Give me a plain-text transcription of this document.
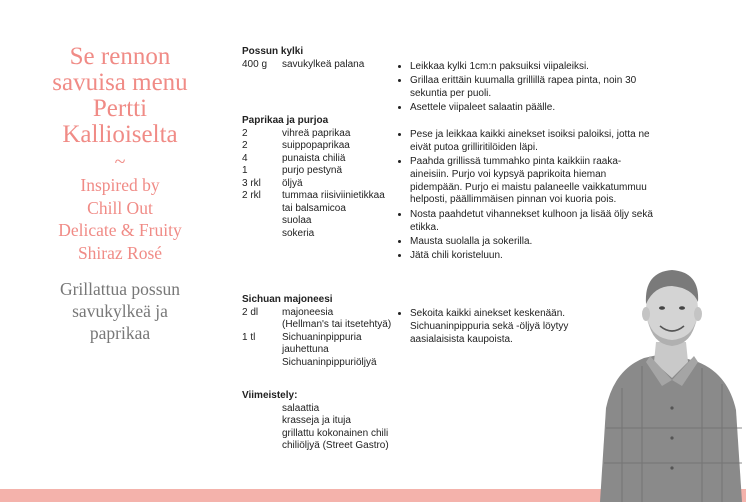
Se rennon
savuisa menu
Pertti
Kallioiselta
~
Inspired by
Chill Out
Delicate & Fruity
Shiraz Rosé
Grillattua possun
savukylkeä ja
paprikaa
Possun kylki
400 g	savukylkeä palana
•	Leikkaa kylki 1cm:n paksuiksi viipaleiksi.
• Grillaa erittäin kuumalla grillillä rapea pinta, noin 30 sekuntia per puoli.
• Asettele viipaleet salaatin päälle.
Paprikaa ja purjoa
2	vihreä paprikaa
2	suippopaprikaa
4	punaista chiliä
1	purjo pestynä
3 rkl	öljyä
2 rkl	tummaa riisiviinietikkaa
tai balsamicoa
suolaa
sokeria
• Pese ja leikkaa kaikki ainekset isoiksi paloiksi, jotta ne eivät putoa grilliritilöiden läpi.
• Paahda grillissä tummahko pinta kaikkiin raaka-aineisiin. Purjo voi kypsyä paprikoita hieman pidempään. Purjo ei maistu palaneelle vaikkatummuu helposti, päällimmäisen pinnan voi kuoria pois.
• Nosta paahdetut vihannekset kulhoon ja lisää öljy sekä etikka.
• Mausta suolalla ja sokerilla.
• Jätä chili koristeluun.
Sichuan majoneesi
2 dl	majoneesia
(Hellman's tai itsetehtyä)
1 tl	Sichuaninpippuria
jauhettuna
Sichuaninpippuriöljyä
• Sekoita kaikki ainekset keskenään. Sichuaninpippuria sekä -öljyä löytyy aasialaisista kaupoista.
Viimeistely:
salaattia
krasseja ja ituja
grillattu kokonainen chili
chiliöljyä (Street Gastro)
